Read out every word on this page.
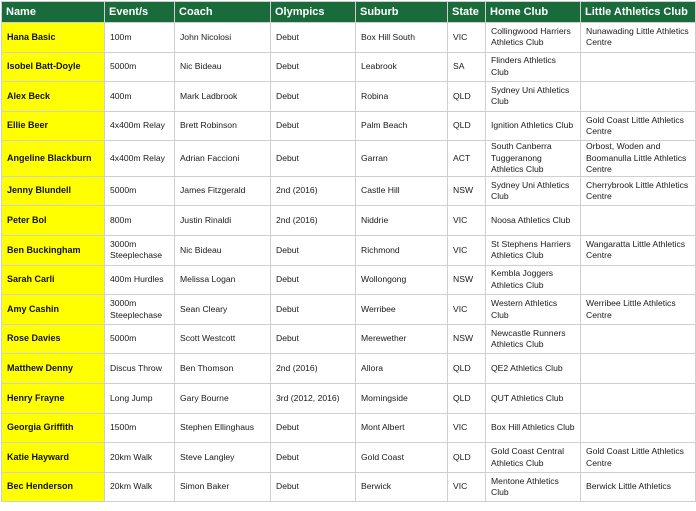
Name	Event/s	Coach	Olympics	Suburb	State	Home Club	Little Athletics Club
Hana Basic	100m	John Nicolosi	Debut	Box Hill South	VIC	Collingwood Harriers Athletics Club	Nunawading Little Athletics Centre
Isobel Batt-Doyle	5000m	Nic Bideau	Debut	Leabrook	SA	Flinders Athletics Club	
Alex Beck	400m	Mark Ladbrook	Debut	Robina	QLD	Sydney Uni Athletics Club	
Ellie Beer	4x400m Relay	Brett Robinson	Debut	Palm Beach	QLD	Ignition Athletics Club	Gold Coast Little Athletics Centre
Angeline Blackburn	4x400m Relay	Adrian Faccioni	Debut	Garran	ACT	South Canberra Tuggeranong Athletics Club	Orbost, Woden and Boomanulla Little Athletics Centre
Jenny Blundell	5000m	James Fitzgerald	2nd (2016)	Castle Hill	NSW	Sydney Uni Athletics Club	Cherrybrook Little Athletics Centre
Peter Bol	800m	Justin Rinaldi	2nd (2016)	Niddrie	VIC	Noosa Athletics Club	
Ben Buckingham	3000m Steeplechase	Nic Bideau	Debut	Richmond	VIC	St Stephens Harriers Athletics Club	Wangaratta Little Athletics Centre
Sarah Carli	400m Hurdles	Melissa Logan	Debut	Wollongong	NSW	Kembla Joggers Athletics Club	
Amy Cashin	3000m Steeplechase	Sean Cleary	Debut	Werribee	VIC	Western Athletics Club	Werribee Little Athletics Centre
Rose Davies	5000m	Scott Westcott	Debut	Merewether	NSW	Newcastle Runners Athletics Club	
Matthew Denny	Discus Throw	Ben Thomson	2nd (2016)	Allora	QLD	QE2 Athletics Club	
Henry Frayne	Long Jump	Gary Bourne	3rd (2012, 2016)	Morningside	QLD	QUT Athletics Club	
Georgia Griffith	1500m	Stephen Ellinghaus	Debut	Mont Albert	VIC	Box Hill Athletics Club	
Katie Hayward	20km Walk	Steve Langley	Debut	Gold Coast	QLD	Gold Coast Central Athletics Club	Gold Coast Little Athletics Centre
Bec Henderson	20km Walk	Simon Baker	Debut	Berwick	VIC	Mentone Athletics Club	Berwick Little Athletics
